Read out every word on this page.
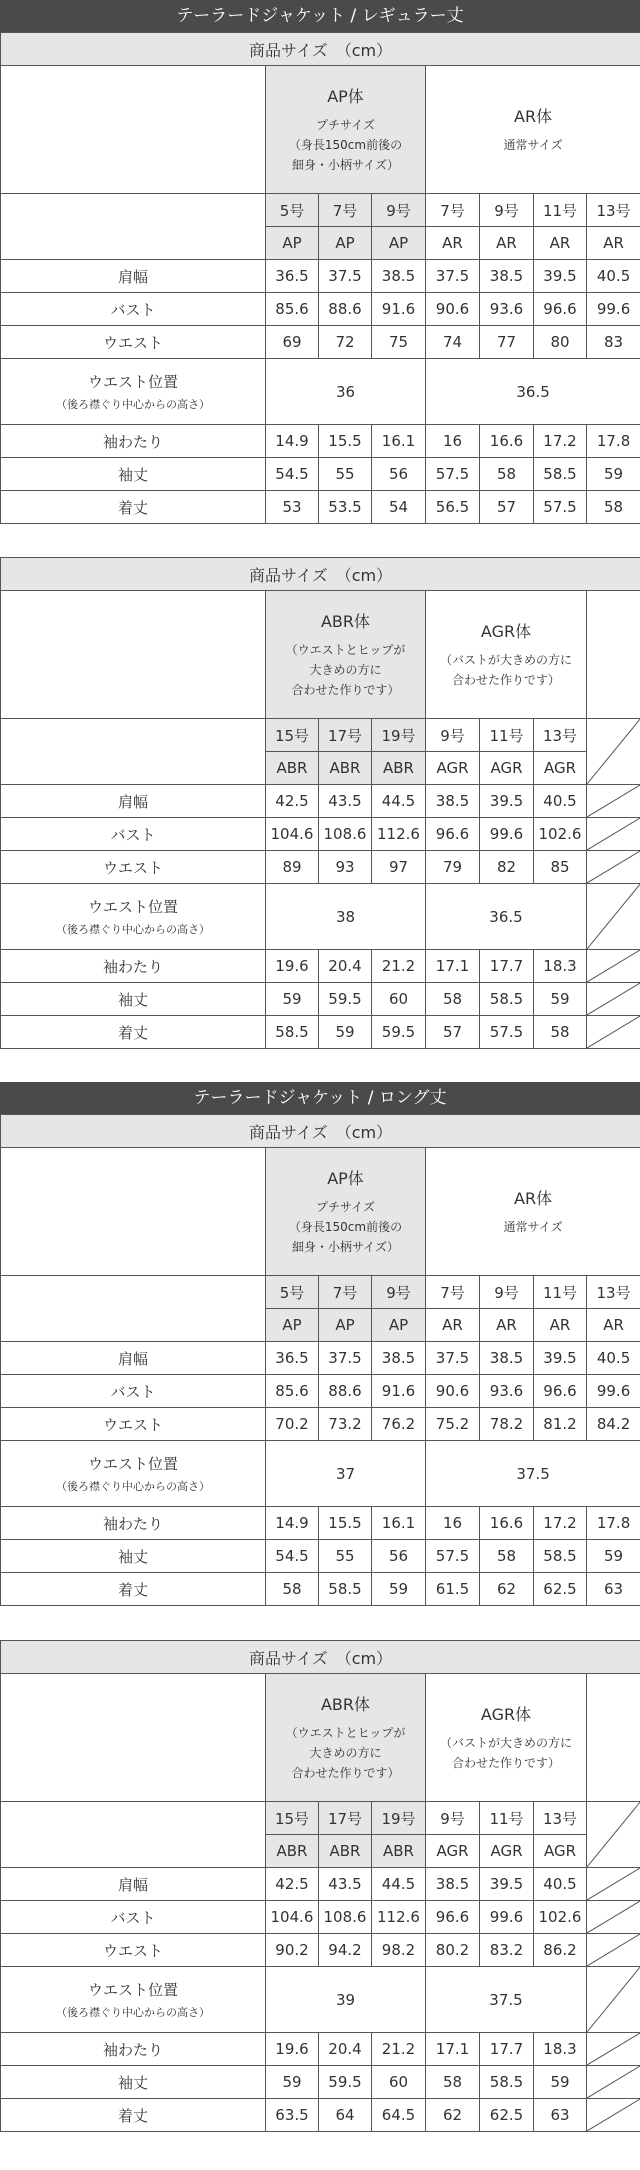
テーラードジャケット / レギュラー丈
商品サイズ　（cm）							

	AP体
プチサイズ
（身長150cm前後の
細身・小柄サイズ）			AR体
通常サイズ			

	5号	7号	9号	7号	9号	11号	13号
	AP	AP	AP	AR	AR	AR	AR
肩幅	36.5	37.5	38.5	37.5	38.5	39.5	40.5
バスト	85.6	88.6	91.6	90.6	93.6	96.6	99.6
ウエスト	69	72	75	74	77	80	83

ウエスト位置
（後ろ襟ぐり中心からの高さ）	36			36.5			
袖わたり	14.9	15.5	16.1	16	16.6	17.2	17.8
袖丈	54.5	55	56	57.5	58	58.5	59
着丈	53	53.5	54	56.5	57	57.5	58
商品サイズ　（cm）							

	ABR体
（ウエストとヒップが
大きめの方に
合わせた作りです）			AGR体
（バストが大きめの方に
合わせた作りです）			

	15号	17号	19号	9号	11号	13号	

	ABR	ABR	ABR	AGR	AGR	AGR	
肩幅	42.5	43.5	44.5	38.5	39.5	40.5	

バスト	104.6	108.6	112.6	96.6	99.6	102.6	

ウエスト	89	93	97	79	82	85	

ウエスト位置
（後ろ襟ぐり中心からの高さ）	38			36.5	

袖わたり	19.6	20.4	21.2	17.1	17.7	18.3	

袖丈	59	59.5	60	58	58.5	59	

着丈	58.5	59	59.5	57	57.5	58	
テーラードジャケット / ロング丈
商品サイズ　（cm）							

	AP体
プチサイズ
（身長150cm前後の
細身・小柄サイズ）			AR体
通常サイズ			

	5号	7号	9号	7号	9号	11号	13号
	AP	AP	AP	AR	AR	AR	AR
肩幅	36.5	37.5	38.5	37.5	38.5	39.5	40.5
バスト	85.6	88.6	91.6	90.6	93.6	96.6	99.6
ウエスト	70.2	73.2	76.2	75.2	78.2	81.2	84.2

ウエスト位置
（後ろ襟ぐり中心からの高さ）	37			37.5			
袖わたり	14.9	15.5	16.1	16	16.6	17.2	17.8
袖丈	54.5	55	56	57.5	58	58.5	59
着丈	58	58.5	59	61.5	62	62.5	63
商品サイズ　（cm）							

	ABR体
（ウエストとヒップが
大きめの方に
合わせた作りです）			AGR体
（バストが大きめの方に
合わせた作りです）			

	15号	17号	19号	9号	11号	13号	

	ABR	ABR	ABR	AGR	AGR	AGR	
肩幅	42.5	43.5	44.5	38.5	39.5	40.5	

バスト	104.6	108.6	112.6	96.6	99.6	102.6	

ウエスト	90.2	94.2	98.2	80.2	83.2	86.2	

ウエスト位置
（後ろ襟ぐり中心からの高さ）	39			37.5	

袖わたり	19.6	20.4	21.2	17.1	17.7	18.3	

袖丈	59	59.5	60	58	58.5	59	

着丈	63.5	64	64.5	62	62.5	63	
